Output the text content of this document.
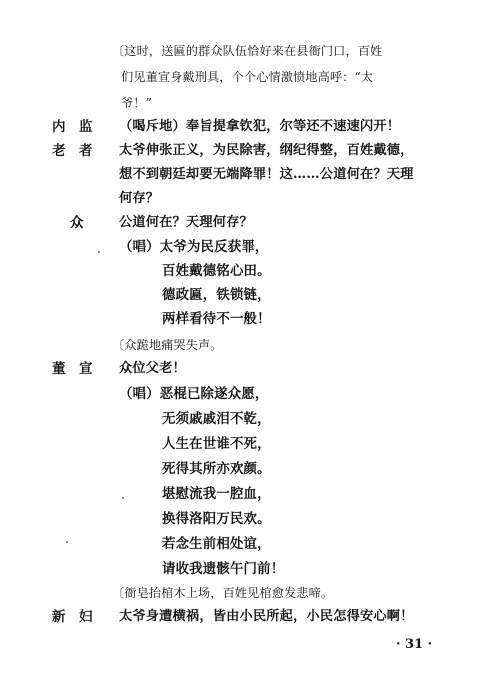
〔这时，送匾的群众队伍恰好来在县衙门口，百姓
们见董宣身戴刑具，个个心情激愤地高呼：“太
爷！”
内　监 （喝斥地）奉旨提拿钦犯，尔等还不速速闪开！
老　者 太爷伸张正义，为民除害，纲纪得整，百姓戴德，
想不到朝廷却要无端降罪！这……公道何在？天理
何存？
众	公道何在？天理何存？
（唱）太爷为民反获罪，
百姓戴德铭心田。
德政匾，铁锁链，
两样看待不一般！
〔众跪地痛哭失声。
董　宣 众位父老！
（唱）恶棍已除遂众愿，
无须戚戚泪不乾，
人生在世谁不死，
死得其所亦欢颜。
堪慰流我一腔血，
换得洛阳万民欢。
若念生前相处谊，
请收我遗骸午门前！
〔衙皂抬棺木上场，百姓见棺愈发悲啼。
新　妇 太爷身遭横祸，皆由小民所起，小民怎得安心啊！
· 31 ·
